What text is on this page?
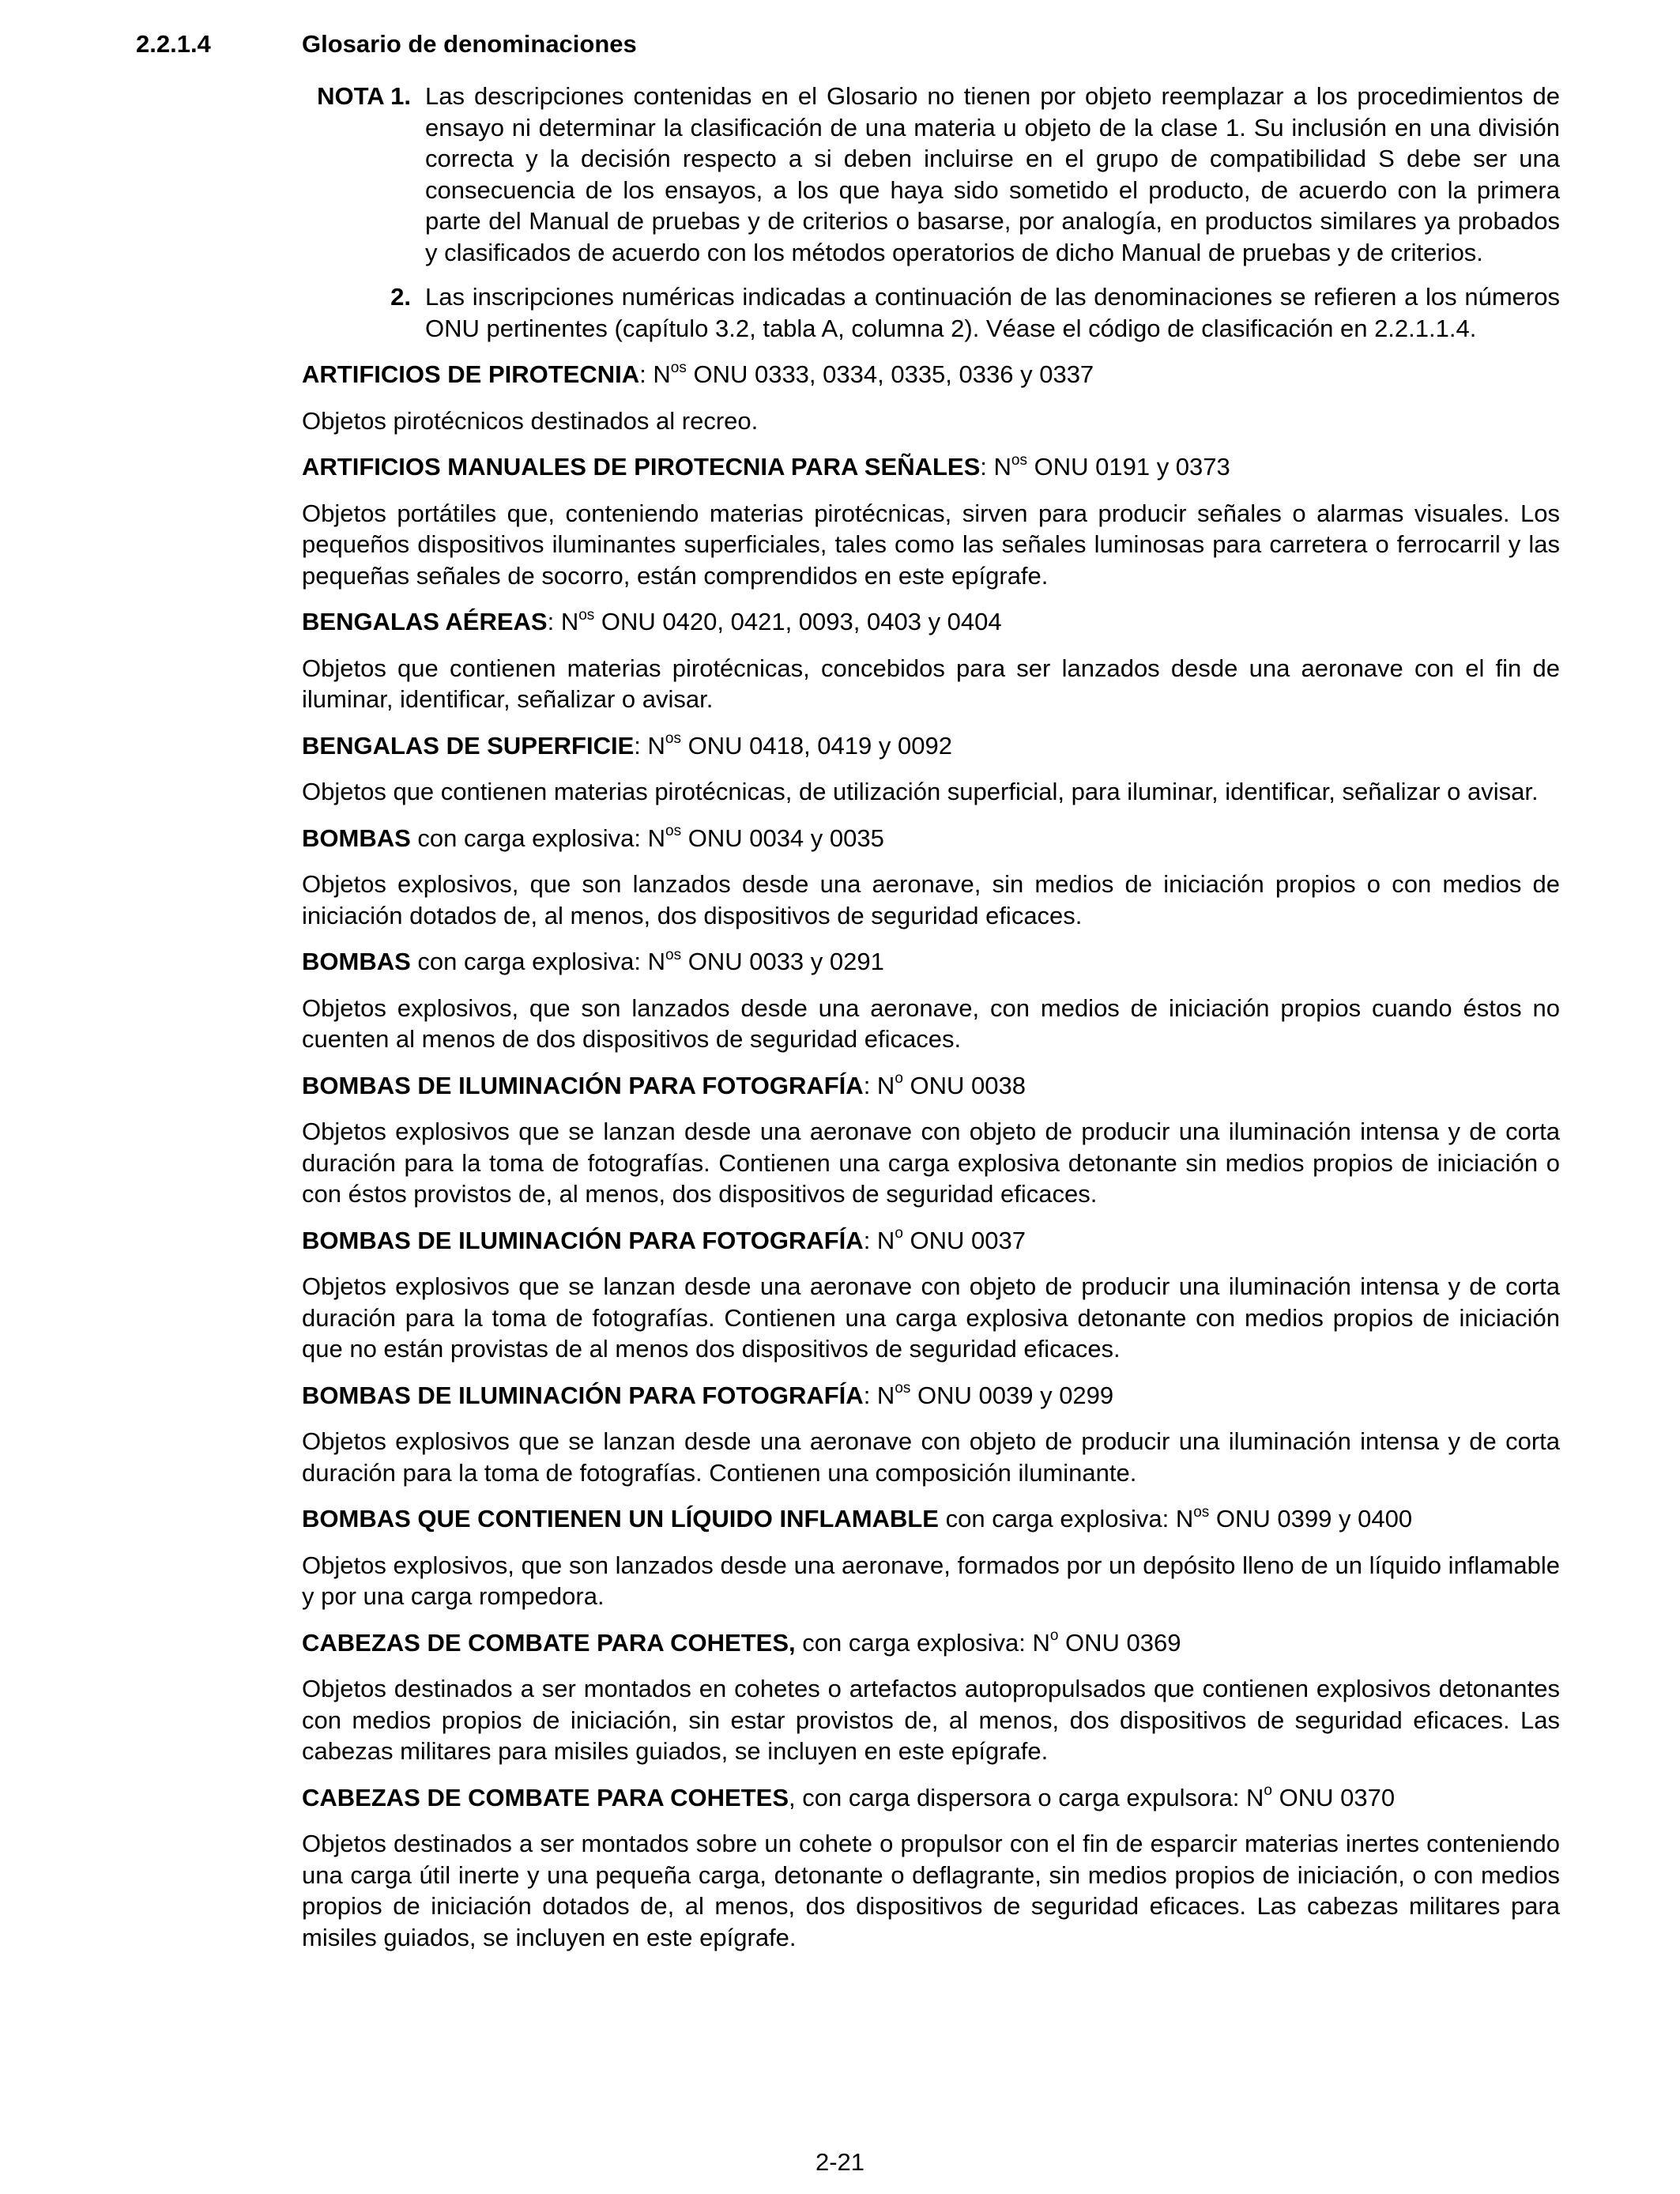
2.2.1.4	Glosario de denominaciones
NOTA 1. Las descripciones contenidas en el Glosario no tienen por objeto reemplazar a los procedimientos de ensayo ni determinar la clasificación de una materia u objeto de la clase 1. Su inclusión en una división correcta y la decisión respecto a si deben incluirse en el grupo de compatibilidad S debe ser una consecuencia de los ensayos, a los que haya sido sometido el producto, de acuerdo con la primera parte del Manual de pruebas y de criterios o basarse, por analogía, en productos similares ya probados y clasificados de acuerdo con los métodos operatorios de dicho Manual de pruebas y de criterios.
2. Las inscripciones numéricas indicadas a continuación de las denominaciones se refieren a los números ONU pertinentes (capítulo 3.2, tabla A, columna 2). Véase el código de clasificación en 2.2.1.1.4.

ARTIFICIOS DE PIROTECNIA: $N^{os}$ ONU 0333, 0334, 0335, 0336 y 0337

Objetos pirotécnicos destinados al recreo.

ARTIFICIOS MANUALES DE PIROTECNIA PARA SEÑALES: $N^{os}$ ONU 0191 y 0373

Objetos portátiles que, conteniendo materias pirotécnicas, sirven para producir señales o alarmas visuales. Los pequeños dispositivos iluminantes superficiales, tales como las señales luminosas para carretera o ferrocarril y las pequeñas señales de socorro, están comprendidos en este epígrafe.

BENGALAS AÉREAS: $N^{os}$ ONU 0420, 0421, 0093, 0403 y 0404

Objetos que contienen materias pirotécnicas, concebidos para ser lanzados desde una aeronave con el fin de iluminar, identificar, señalizar o avisar.

BENGALAS DE SUPERFICIE: $N^{os}$ ONU 0418, 0419 y 0092

Objetos que contienen materias pirotécnicas, de utilización superficial, para iluminar, identificar, señalizar o avisar.

BOMBAS con carga explosiva: $N^{os}$ ONU 0034 y 0035

Objetos explosivos, que son lanzados desde una aeronave, sin medios de iniciación propios o con medios de iniciación dotados de, al menos, dos dispositivos de seguridad eficaces.

BOMBAS con carga explosiva: $N^{os}$ ONU 0033 y 0291

Objetos explosivos, que son lanzados desde una aeronave, con medios de iniciación propios cuando éstos no cuenten al menos de dos dispositivos de seguridad eficaces.

BOMBAS DE ILUMINACIÓN PARA FOTOGRAFÍA: $N^o$ ONU 0038

Objetos explosivos que se lanzan desde una aeronave con objeto de producir una iluminación intensa y de corta duración para la toma de fotografías. Contienen una carga explosiva detonante sin medios propios de iniciación o con éstos provistos de, al menos, dos dispositivos de seguridad eficaces.

BOMBAS DE ILUMINACIÓN PARA FOTOGRAFÍA: $N^o$ ONU 0037

Objetos explosivos que se lanzan desde una aeronave con objeto de producir una iluminación intensa y de corta duración para la toma de fotografías. Contienen una carga explosiva detonante con medios propios de iniciación que no están provistas de al menos dos dispositivos de seguridad eficaces.

BOMBAS DE ILUMINACIÓN PARA FOTOGRAFÍA: $N^{os}$ ONU 0039 y 0299

Objetos explosivos que se lanzan desde una aeronave con objeto de producir una iluminación intensa y de corta duración para la toma de fotografías. Contienen una composición iluminante.

BOMBAS QUE CONTIENEN UN LÍQUIDO INFLAMABLE con carga explosiva: $N^{os}$ ONU 0399 y 0400

Objetos explosivos, que son lanzados desde una aeronave, formados por un depósito lleno de un líquido inflamable y por una carga rompedora.

CABEZAS DE COMBATE PARA COHETES, con carga explosiva: $N^o$ ONU 0369

Objetos destinados a ser montados en cohetes o artefactos autopropulsados que contienen explosivos detonantes con medios propios de iniciación, sin estar provistos de, al menos, dos dispositivos de seguridad eficaces. Las cabezas militares para misiles guiados, se incluyen en este epígrafe.

CABEZAS DE COMBATE PARA COHETES, con carga dispersora o carga expulsora: $N^o$ ONU 0370

Objetos destinados a ser montados sobre un cohete o propulsor con el fin de esparcir materias inertes conteniendo una carga útil inerte y una pequeña carga, detonante o deflagrante, sin medios propios de iniciación, o con medios propios de iniciación dotados de, al menos, dos dispositivos de seguridad eficaces. Las cabezas militares para misiles guiados, se incluyen en este epígrafe.

2-21
